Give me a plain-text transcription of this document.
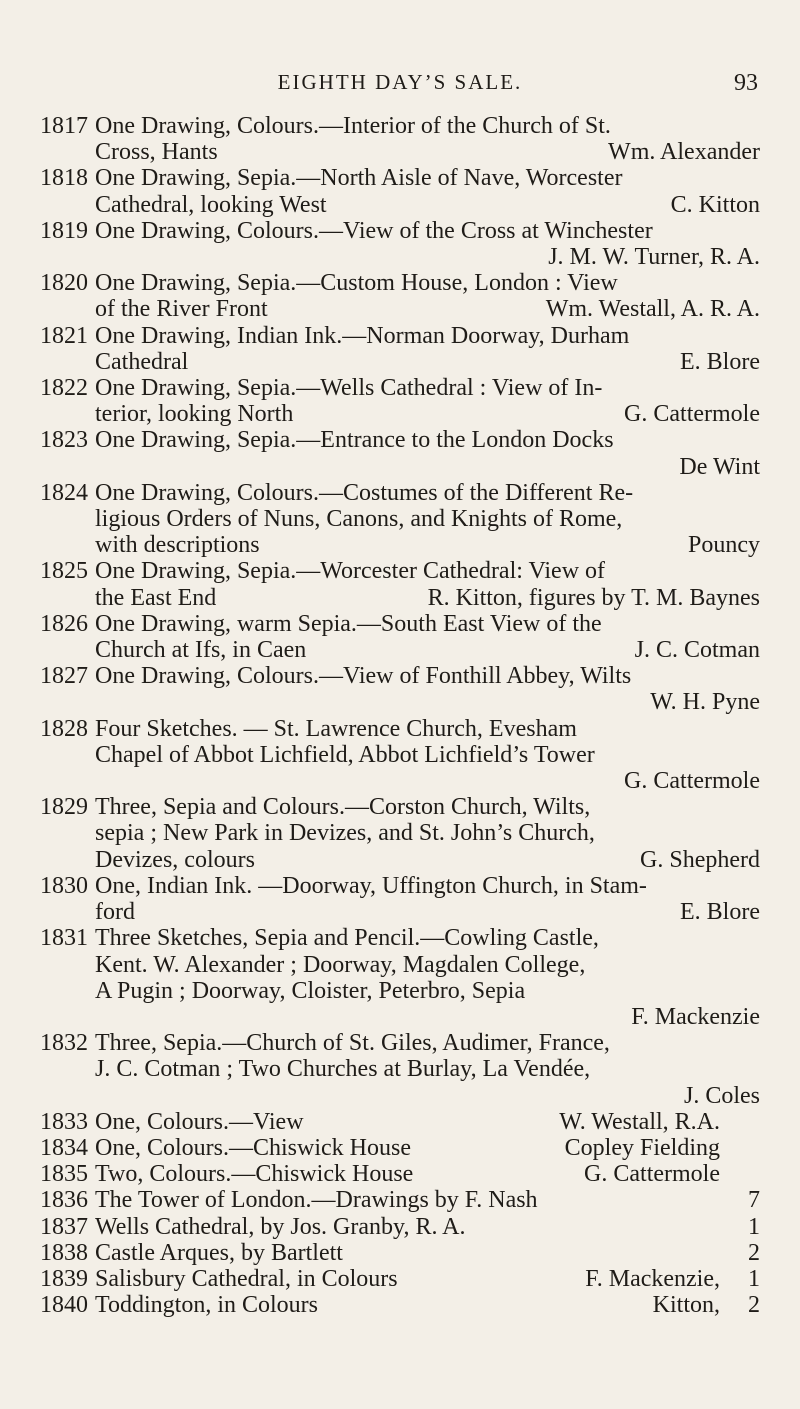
EIGHTH DAY’S SALE.	93
1817 One Drawing, Colours.—Interior of the Church of St.
Cross, Hants	Wm. Alexander
1818 One Drawing, Sepia.—North Aisle of Nave, Worcester
Cathedral, looking West	C. Kitton
1819 One Drawing, Colours.—View of the Cross at Winchester
J. M. W. Turner, R. A.
1820 One Drawing, Sepia.—Custom House, London : View
of the River Front	Wm. Westall, A. R. A.
1821 One Drawing, Indian Ink.—Norman Doorway, Durham
Cathedral	E. Blore
1822 One Drawing, Sepia.—Wells Cathedral : View of In-
terior, looking North	G. Cattermole
1823 One Drawing, Sepia.—Entrance to the London Docks
De Wint
1824 One Drawing, Colours.—Costumes of the Different Re-
ligious Orders of Nuns, Canons, and Knights of Rome,
with descriptions	Pouncy
1825 One Drawing, Sepia.—Worcester Cathedral: View of
the East End	R. Kitton, figures by T. M. Baynes
1826 One Drawing, warm Sepia.—South East View of the
Church at Ifs, in Caen	J. C. Cotman
1827 One Drawing, Colours.—View of Fonthill Abbey, Wilts
W. H. Pyne
1828 Four Sketches. — St. Lawrence Church, Evesham
Chapel of Abbot Lichfield, Abbot Lichfield’s Tower
G. Cattermole
1829 Three, Sepia and Colours.—Corston Church, Wilts,
sepia ; New Park in Devizes, and St. John’s Church,
Devizes, colours	G. Shepherd
1830 One, Indian Ink. —Doorway, Uffington Church, in Stam-
ford	E. Blore
1831 Three Sketches, Sepia and Pencil.—Cowling Castle,
Kent. W. Alexander ; Doorway, Magdalen College,
A Pugin ; Doorway, Cloister, Peterbro, Sepia
F. Mackenzie
1832 Three, Sepia.—Church of St. Giles, Audimer, France,
J. C. Cotman ; Two Churches at Burlay, La Vendée,
J. Coles
1833 One, Colours.—View	W. Westall, R.A.
1834 One, Colours.—Chiswick House	Copley Fielding
1835 Two, Colours.—Chiswick House	G. Cattermole
1836 The Tower of London.—Drawings by F. Nash	7
1837 Wells Cathedral, by Jos. Granby, R. A.	1
1838 Castle Arques, by Bartlett	2
1839 Salisbury Cathedral, in Colours	F. Mackenzie,	1
1840 Toddington, in Colours	Kitton,	2
